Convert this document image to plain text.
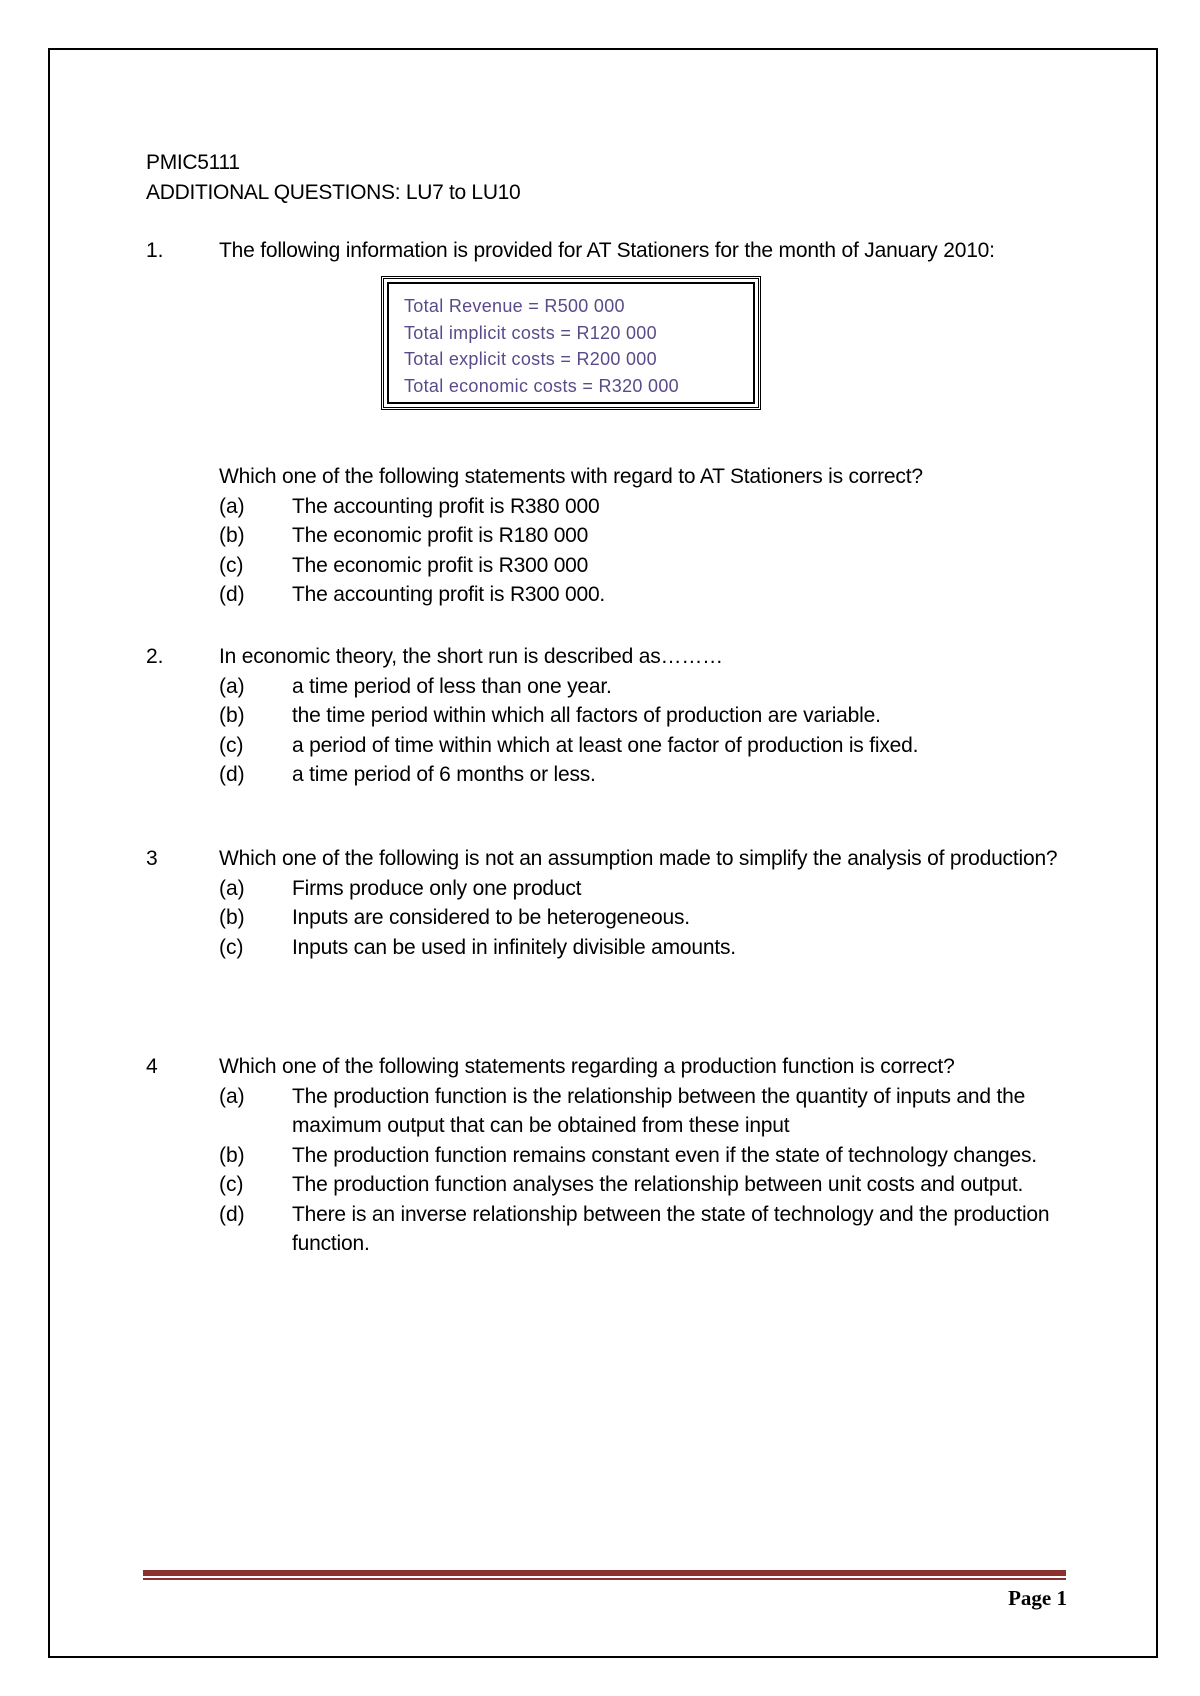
PMIC5111
ADDITIONAL QUESTIONS: LU7 to LU10
1.	The following information is provided for AT Stationers for the month of January 2010:
Total Revenue = R500 000
Total implicit costs = R120 000
Total explicit costs = R200 000
Total economic costs = R320 000
Which one of the following statements with regard to AT Stationers is correct?
(a)	The accounting profit is R380 000
(b)	The economic profit is R180 000
(c)	The economic profit is R300 000
(d)	The accounting profit is R300 000.
2.	In economic theory, the short run is described as………
(a)	a time period of less than one year.
(b)	the time period within which all factors of production are variable.
(c)	a period of time within which at least one factor of production is fixed.
(d)	a time period of 6 months or less.
3	Which one of the following is not an assumption made to simplify the analysis of production?
(a)	Firms produce only one product
(b)	Inputs are considered to be heterogeneous.
(c)	Inputs can be used in infinitely divisible amounts.
4	Which one of the following statements regarding a production function is correct?
(a)	The production function is the relationship between the quantity of inputs and the maximum output that can be obtained from these input
(b)	The production function remains constant even if the state of technology changes.
(c)	The production function analyses the relationship between unit costs and output.
(d)	There is an inverse relationship between the state of technology and the production function.
Page 1
